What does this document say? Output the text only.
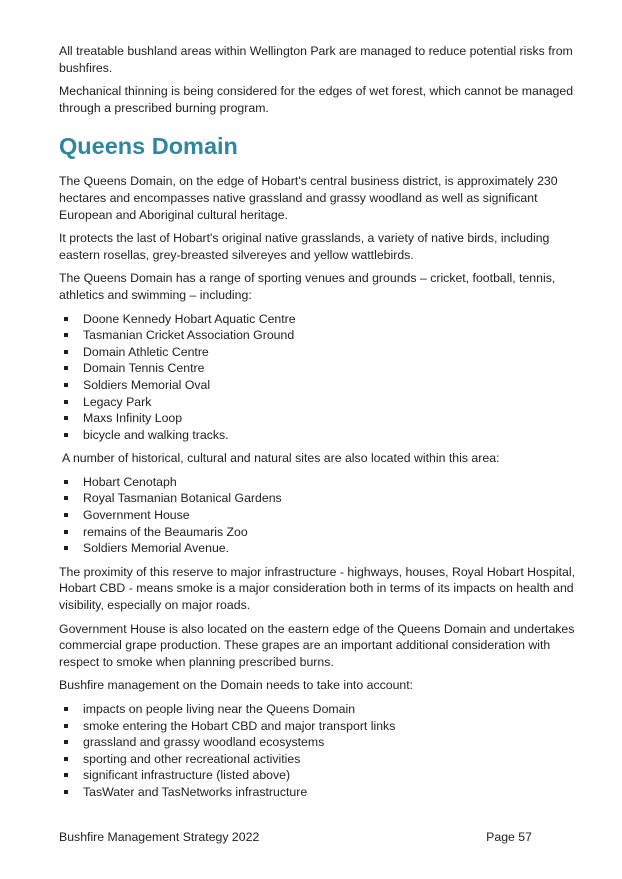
All treatable bushland areas within Wellington Park are managed to reduce potential risks from bushfires.

Mechanical thinning is being considered for the edges of wet forest, which cannot be managed through a prescribed burning program.

Queens Domain

The Queens Domain, on the edge of Hobart's central business district, is approximately 230 hectares and encompasses native grassland and grassy woodland as well as significant European and Aboriginal cultural heritage.

It protects the last of Hobart's original native grasslands, a variety of native birds, including eastern rosellas, grey-breasted silvereyes and yellow wattlebirds.

The Queens Domain has a range of sporting venues and grounds – cricket, football, tennis, athletics and swimming – including:

Doone Kennedy Hobart Aquatic Centre
Tasmanian Cricket Association Ground
Domain Athletic Centre
Domain Tennis Centre
Soldiers Memorial Oval
Legacy Park
Maxs Infinity Loop
bicycle and walking tracks.

A number of historical, cultural and natural sites are also located within this area:

Hobart Cenotaph
Royal Tasmanian Botanical Gardens
Government House
remains of the Beaumaris Zoo
Soldiers Memorial Avenue.

The proximity of this reserve to major infrastructure - highways, houses, Royal Hobart Hospital, Hobart CBD - means smoke is a major consideration both in terms of its impacts on health and visibility, especially on major roads.

Government House is also located on the eastern edge of the Queens Domain and undertakes commercial grape production. These grapes are an important additional consideration with respect to smoke when planning prescribed burns.

Bushfire management on the Domain needs to take into account:

impacts on people living near the Queens Domain
smoke entering the Hobart CBD and major transport links
grassland and grassy woodland ecosystems
sporting and other recreational activities
significant infrastructure (listed above)
TasWater and TasNetworks infrastructure
Bushfire Management Strategy 2022	Page 57
